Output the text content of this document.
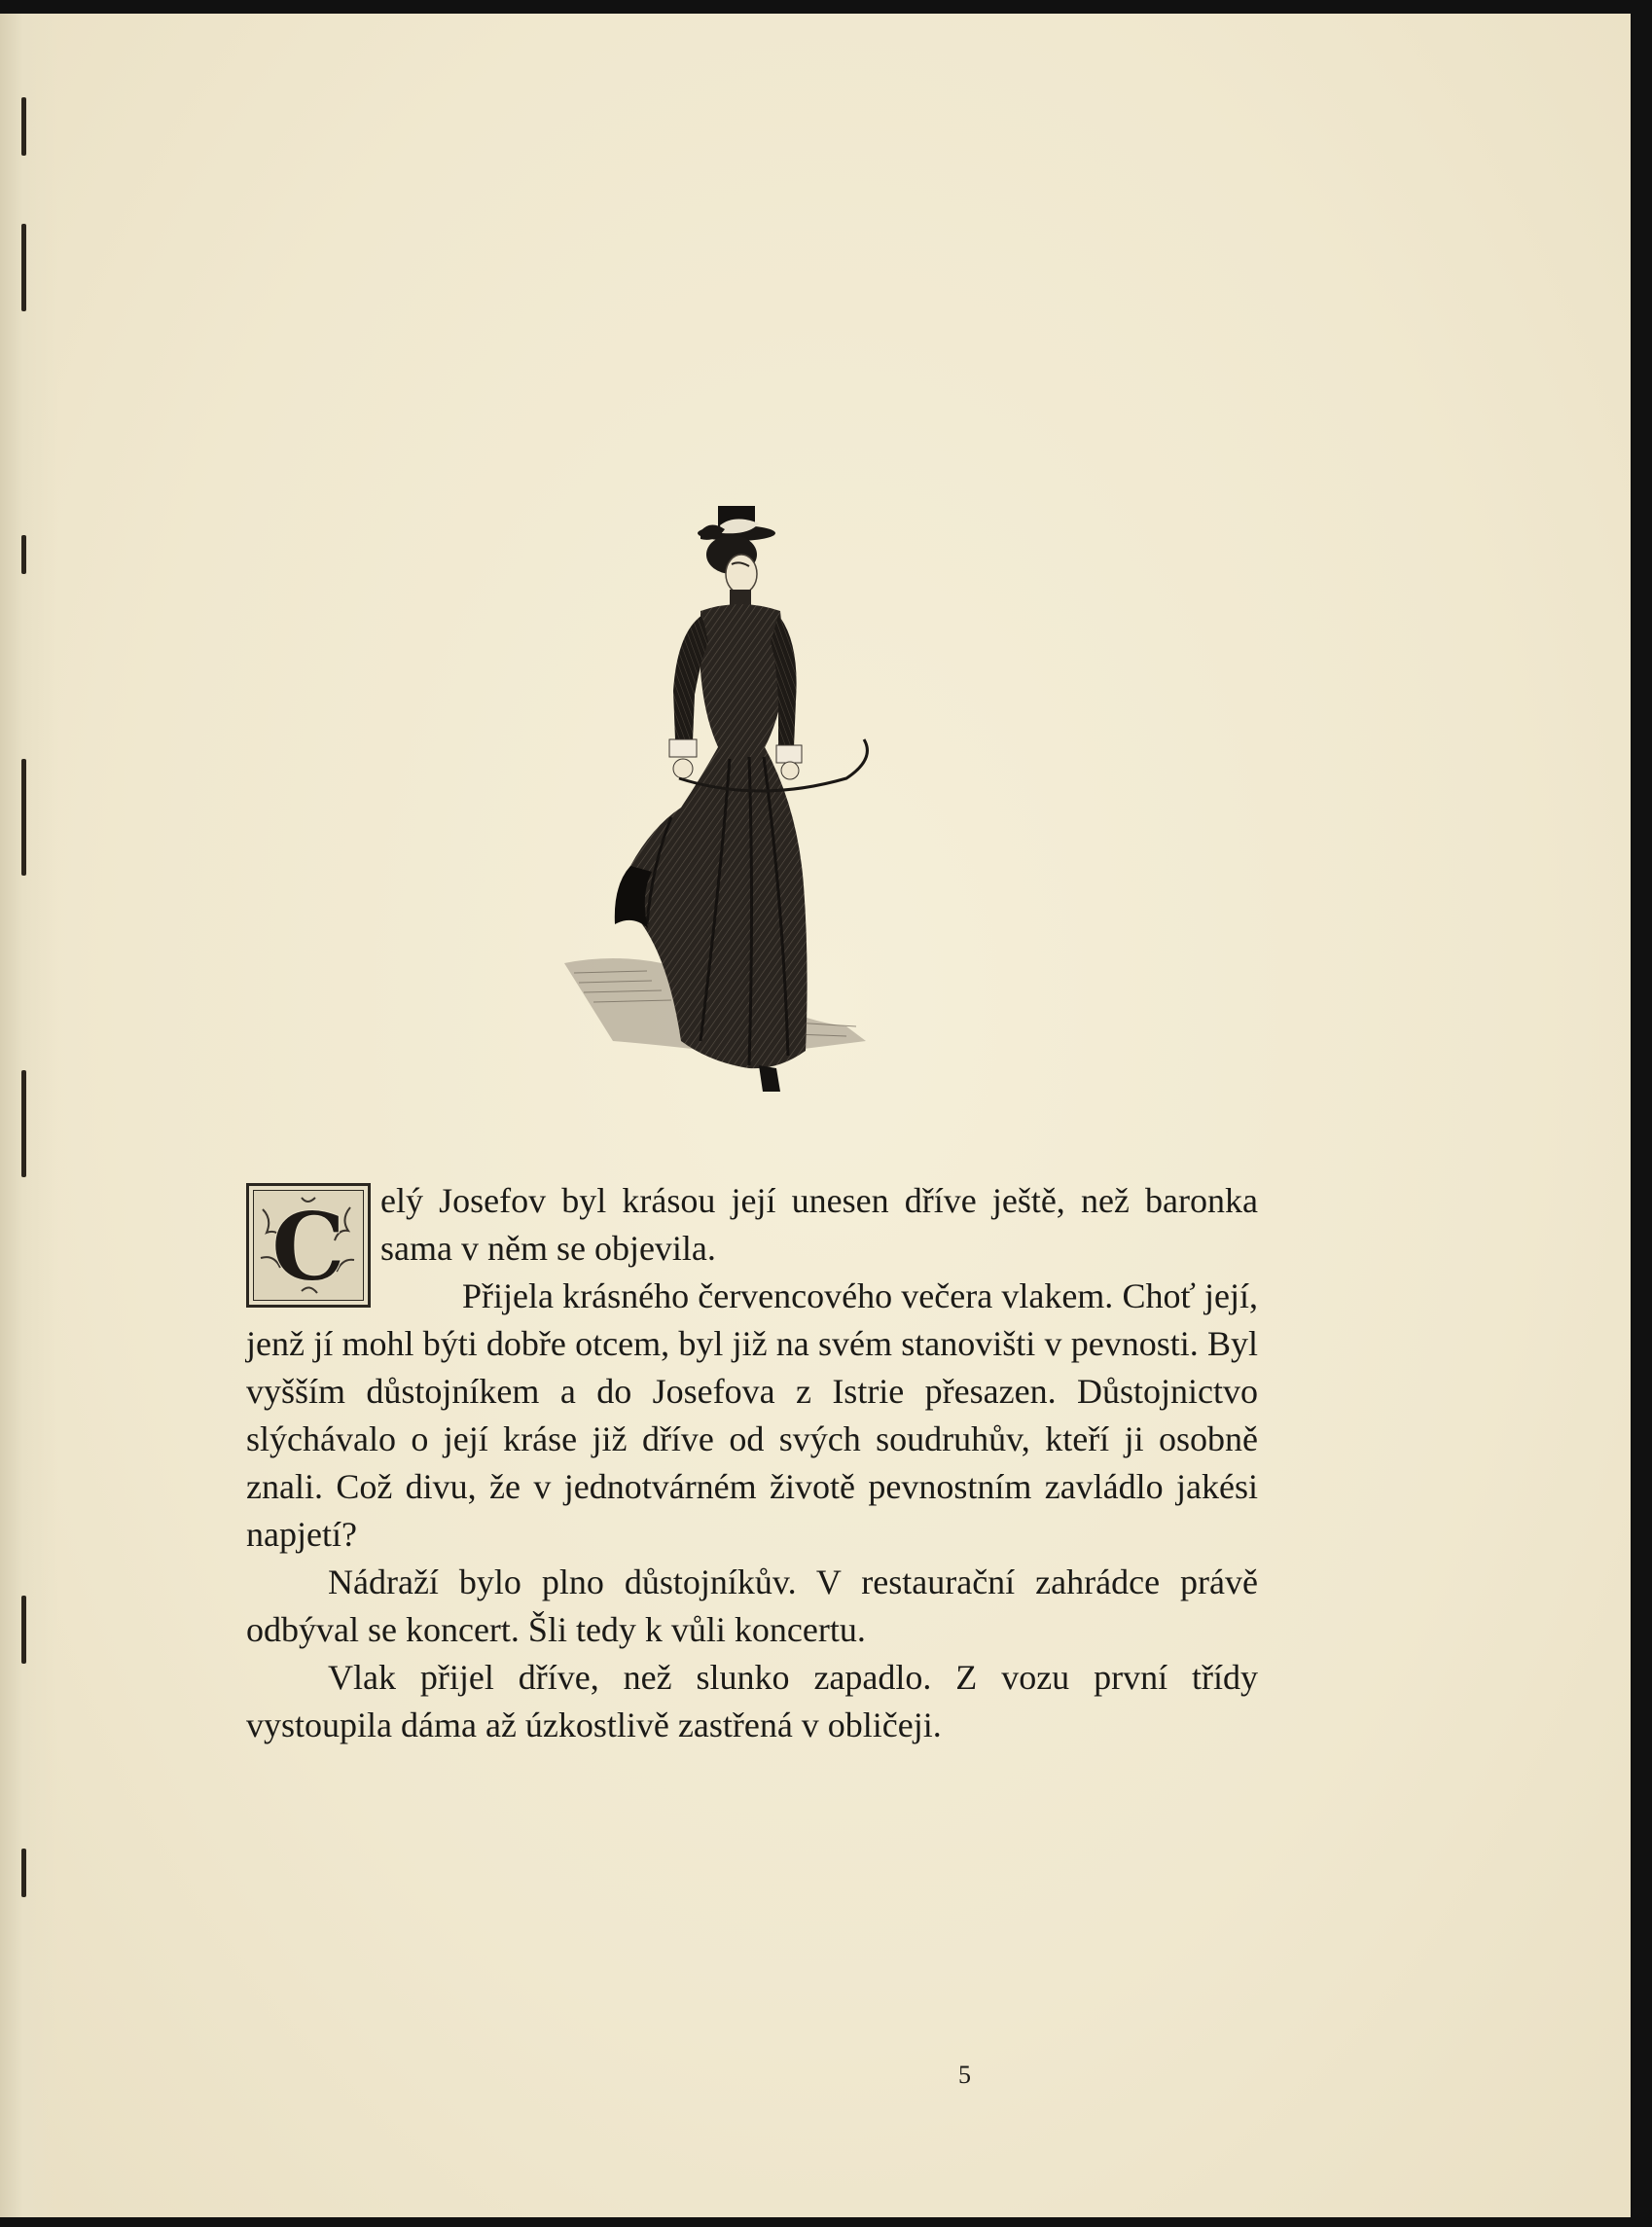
C elý Josefov byl krásou její unesen dříve ještě, než baronka sama v něm se objevila.

Přijela krásného červencového večera vlakem. Choť její, jenž jí mohl býti dobře otcem, byl již na svém stanovišti v pevnosti. Byl vyšším důstojníkem a do Josefova z Istrie přesazen. Důstojnictvo slýchávalo o její kráse již dříve od svých soudruhův, kteří ji osobně znali. Což divu, že v jednotvárném životě pevnostním zavládlo jakési napjetí?

Nádraží bylo plno důstojníkův. V restaurační zahrádce právě odbýval se koncert. Šli tedy k vůli koncertu.

Vlak přijel dříve, než slunko zapadlo. Z vozu první třídy vystoupila dáma až úzkostlivě zastřená v obličeji.

5
